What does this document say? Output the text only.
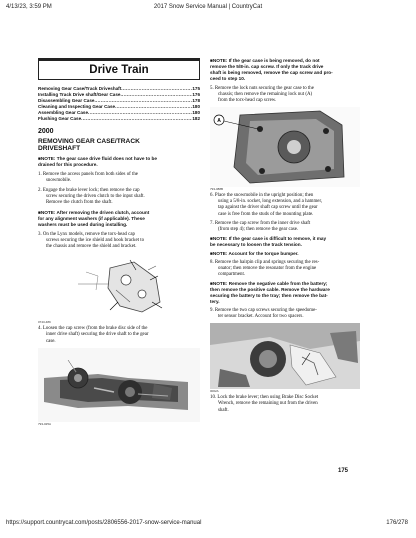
4/13/23, 3:59 PM	2017 Snow Service Manual | CountryCat
Drive Train
Removing Gear Case/Track Driveshaft .....	175
Installing Track Drive shaft/Gear Case .....	176
Disassembling Gear Case .....	178
Cleaning and Inspecting Gear Case .....	180
Assembling Gear Case .....	180
Flushing Gear Case .....	182
2000
REMOVING GEAR CASE/TRACK
DRIVESHAFT
■NOTE: The gear case drive fluid does not have to be
drained for this procedure.
1. Remove the access panels from both sides of the
snowmobile.
2. Engage the brake lever lock; then remove the cap
screw securing the driven clutch to the input shaft.
Remove the clutch from the shaft.
■NOTE: After removing the driven clutch, account
for any alignment washers (if applicable). These
washers must be used during installing.
3. On the Lynx models, remove the torx-head cap
screws securing the ice shield and hook bracket to
the chassis and remove the shield and bracket.
0743-489
4. Loosen the cap screw (from the brake disc side of the
inner drive shaft) securing the drive shaft to the gear
case.
793-025A
■NOTE: If the gear case is being removed, do not
remove the 5/8-in. cap screw. If only the track drive
shaft is being removed, remove the cap screw and pro-
ceed to step 10.
5. Remove the lock nuts securing the gear case to the
chassis; then remove the remaining lock nut (A)
from the torx-head cap screw.
A
793-088B
6. Place the snowmobile in the upright position; then
using a 5/8-in. socket, long extension, and a hammer,
tap against the driver shaft cap screw until the gear
case is free from the studs of the mounting plate.
7. Remove the cap screw from the inner drive shaft
(from step 4); then remove the gear case.
■NOTE: If the gear case is difficult to remove, it may
be necessary to loosen the track tension.
■NOTE: Account for the torque bumper.
8. Remove the hairpin clip and springs securing the res-
onator; then remove the resonator from the engine
compartment.
■NOTE: Remove the negative cable from the battery;
then remove the positive cable. Remove the hardware
securing the battery to the tray; then remove the bat-
tery.
9. Remove the two cap screws securing the speedome-
ter sensor bracket. Account for two spacers.
0002A
10. Lock the brake lever; then using Brake Disc Socket
Wrench, remove the remaining nut from the driven
shaft.
175
https://support.countrycat.com/posts/2806556-2017-snow-service-manual	176/278
